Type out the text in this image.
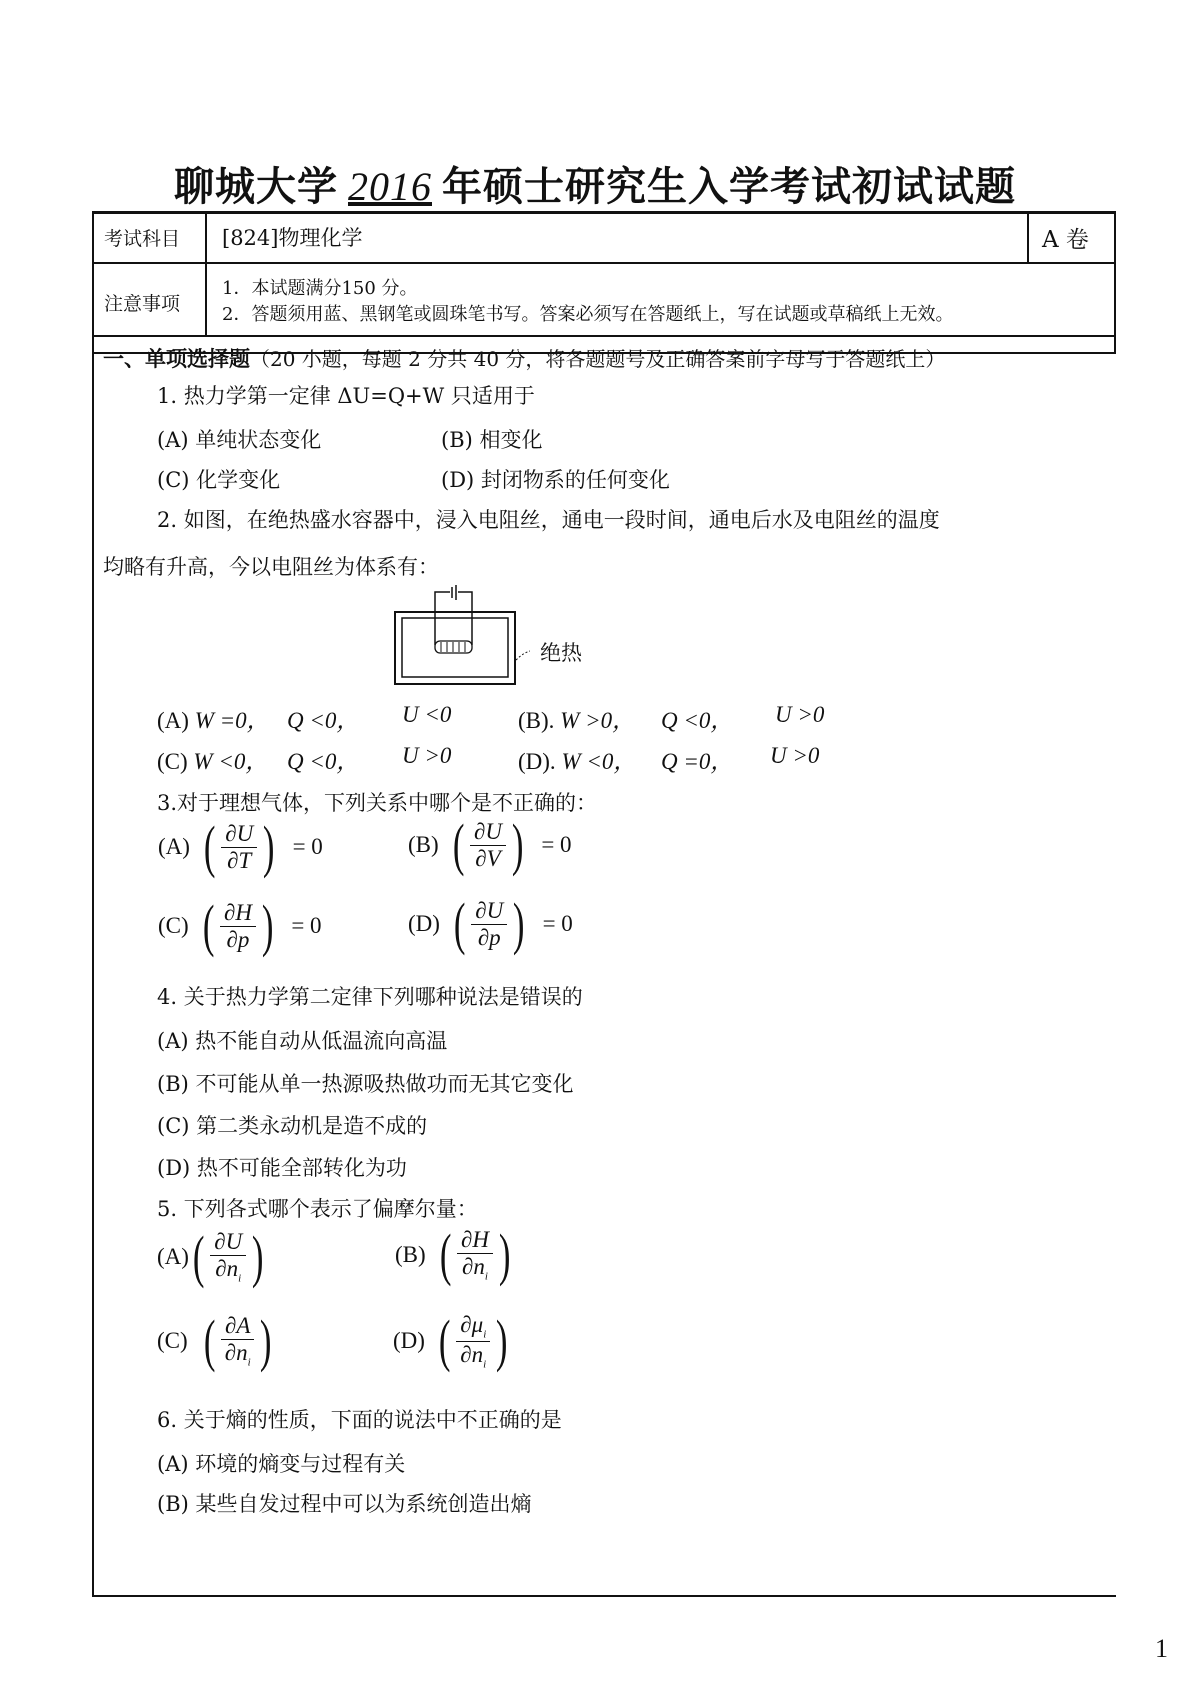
聊城大学 2016 年硕士研究生入学考试初试试题
考试科目 [824]物理化学	A 卷
注意事项
1．本试题满分150 分。
2．答题须用蓝、黑钢笔或圆珠笔书写。答案必须写在答题纸上，写在试题或草稿纸上无效。
一、单项选择题（20 小题，每题 2 分共 40 分，将各题题号及正确答案前字母写于答题纸上）
1. 热力学第一定律 ΔU=Q+W 只适用于
(A) 单纯状态变化	(B) 相变化
(C) 化学变化	(D) 封闭物系的任何变化
2. 如图，在绝热盛水容器中，浸入电阻丝，通电一段时间，通电后水及电阻丝的温度
均略有升高，今以电阻丝为体系有：
绝热
(A) W =0， Q <0， U <0	(B). W >0， Q <0， U >0
(C) W <0， Q <0， U >0	(D). W <0， Q =0， U >0
3.对于理想气体，下列关系中哪个是不正确的：
(A) ( ∂U
∂T ) = 0	(B) ( ∂U
∂V ) = 0
(C) ( ∂H
∂p ) = 0	(D) ( ∂U
∂p ) = 0
4. 关于热力学第二定律下列哪种说法是错误的
(A) 热不能自动从低温流向高温
(B) 不可能从单一热源吸热做功而无其它变化
(C) 第二类永动机是造不成的
(D) 热不可能全部转化为功
5. 下列各式哪个表示了偏摩尔量：
(A) ( ∂U
$\partial n_i$ )	(B) ( ∂H
$\partial n_i$ )
(C) ( ∂A
$\partial n_i$ )	(D) ( $\partial\mu_i$
$\partial n_i$ )
6. 关于熵的性质，下面的说法中不正确的是
(A) 环境的熵变与过程有关
(B) 某些自发过程中可以为系统创造出熵
1
